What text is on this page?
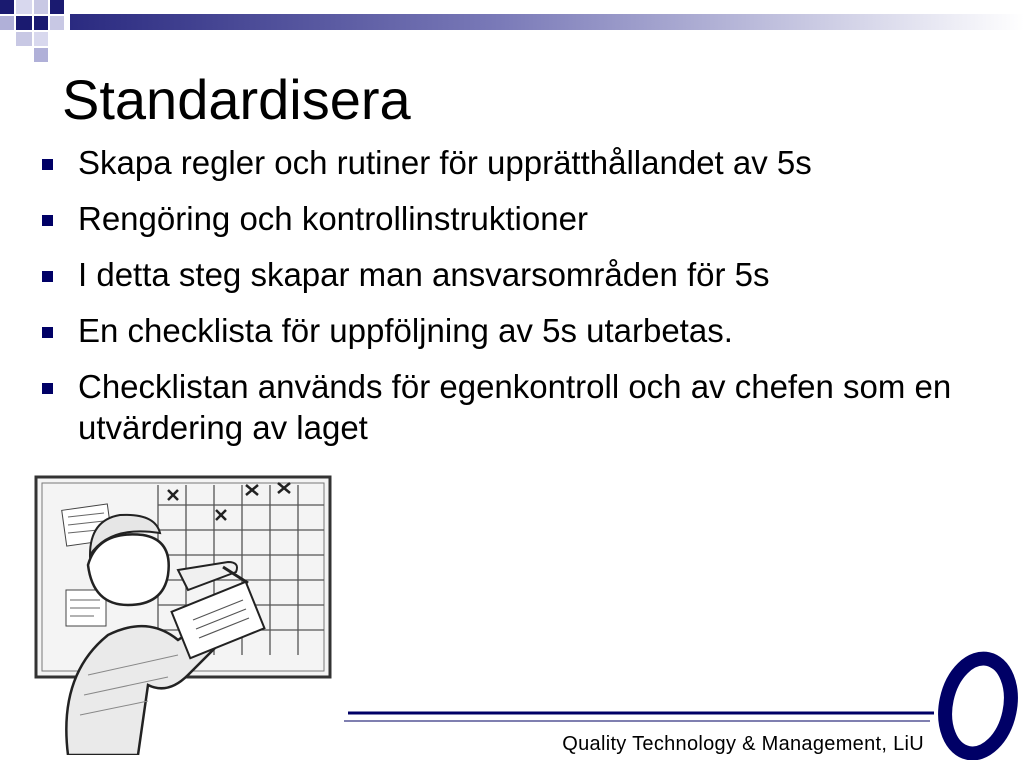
Standardisera
Skapa regler och rutiner för upprätthållandet av 5s
Rengöring och kontrollinstruktioner
I detta steg skapar man ansvarsområden för 5s
En checklista för uppföljning av 5s utarbetas.
Checklistan används för egenkontroll och av chefen som en utvärdering av laget
Quality Technology & Management, LiU
